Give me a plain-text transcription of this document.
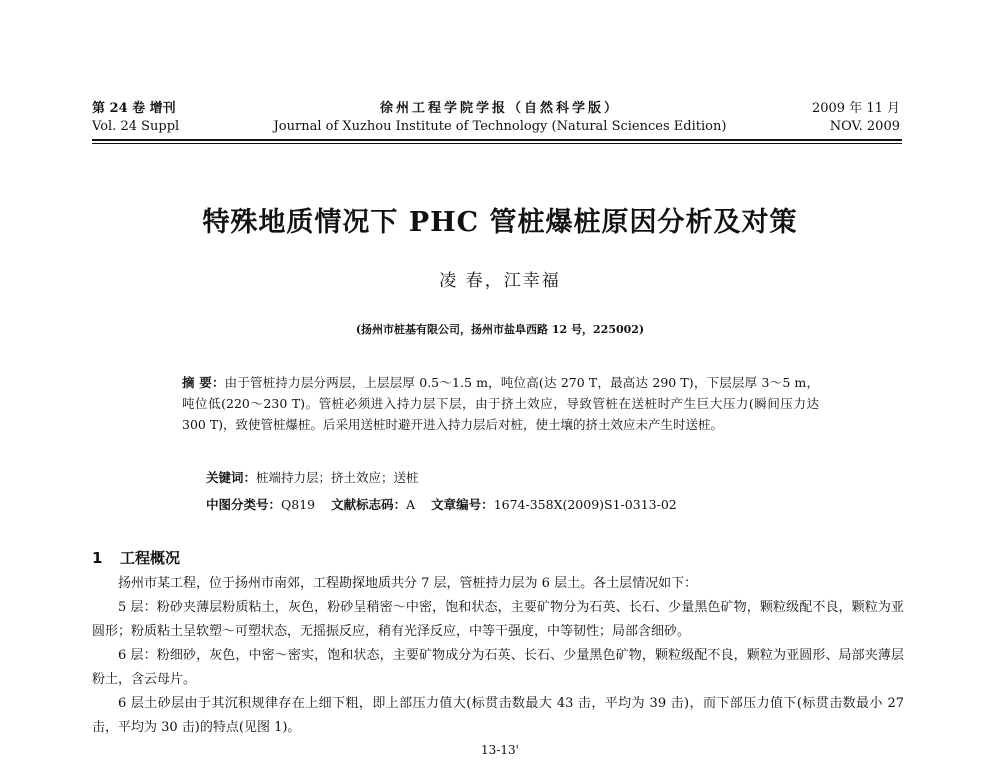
第 24 卷 增刊
Vol. 24 Suppl
徐州工程学院学报（自然科学版）
Journal of Xuzhou Institute of Technology (Natural Sciences Edition)
2009 年 11 月
NOV. 2009
特殊地质情况下 PHC 管桩爆桩原因分析及对策
凌 春，江幸福
(扬州市桩基有限公司，扬州市盐阜西路 12 号，225002)
摘 要：由于管桩持力层分两层，上层层厚 0.5～1.5 m，吨位高(达 270 T，最高达 290 T)，下层层厚 3～5 m，吨位低(220～230 T)。管桩必须进入持力层下层，由于挤土效应，导致管桩在送桩时产生巨大压力(瞬间压力达 300 T)，致使管桩爆桩。后采用送桩时避开进入持力层后对桩，使土壤的挤土效应未产生时送桩。
关键词：桩端持力层；挤土效应；送桩
中图分类号：Q819 文献标志码：A 文章编号：1674-358X(2009)S1-0313-02
1 工程概况

扬州市某工程，位于扬州市南郊，工程勘探地质共分 7 层，管桩持力层为 6 层土。各土层情况如下：

5 层：粉砂夹薄层粉质粘土，灰色，粉砂呈稍密～中密，饱和状态，主要矿物分为石英、长石、少量黑色矿物，颗粒级配不良，颗粒为亚圆形；粉质粘土呈软塑～可塑状态，无摇振反应，稍有光泽反应，中等干强度，中等韧性；局部含细砂。

6 层：粉细砂，灰色，中密～密实，饱和状态，主要矿物成分为石英、长石、少量黑色矿物，颗粒级配不良，颗粒为亚圆形、局部夹薄层粉土，含云母片。

6 层土砂层由于其沉积规律存在上细下粗，即上部压力值大(标贯击数最大 43 击，平均为 39 击)，而下部压力值下(标贯击数最小 27 击，平均为 30 击)的特点(见图 1)。

13-13'
